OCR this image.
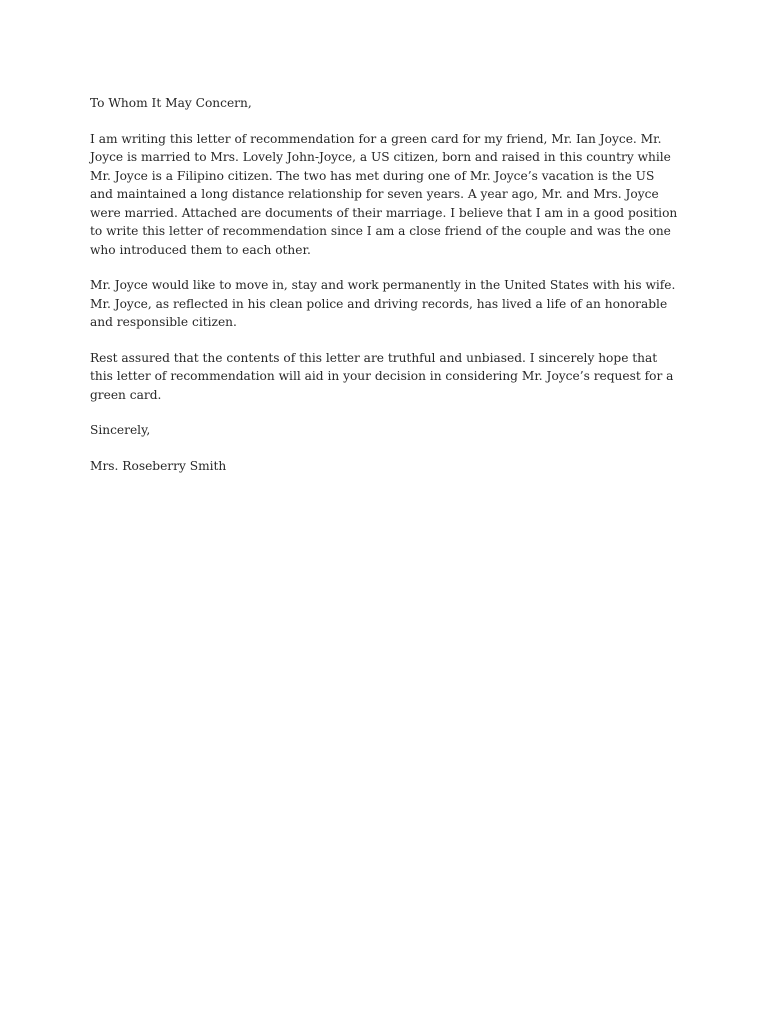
To Whom It May Concern,

I am writing this letter of recommendation for a green card for my friend, Mr. Ian Joyce. Mr. Joyce is married to Mrs. Lovely John-Joyce, a US citizen, born and raised in this country while Mr. Joyce is a Filipino citizen. The two has met during one of Mr. Joyce’s vacation is the US and maintained a long distance relationship for seven years. A year ago, Mr. and Mrs. Joyce were married. Attached are documents of their marriage. I believe that I am in a good position to write this letter of recommendation since I am a close friend of the couple and was the one who introduced them to each other.

Mr. Joyce would like to move in, stay and work permanently in the United States with his wife. Mr. Joyce, as reflected in his clean police and driving records, has lived a life of an honorable and responsible citizen.

Rest assured that the contents of this letter are truthful and unbiased. I sincerely hope that this letter of recommendation will aid in your decision in considering Mr. Joyce’s request for a green card.

Sincerely,

Mrs. Roseberry Smith
